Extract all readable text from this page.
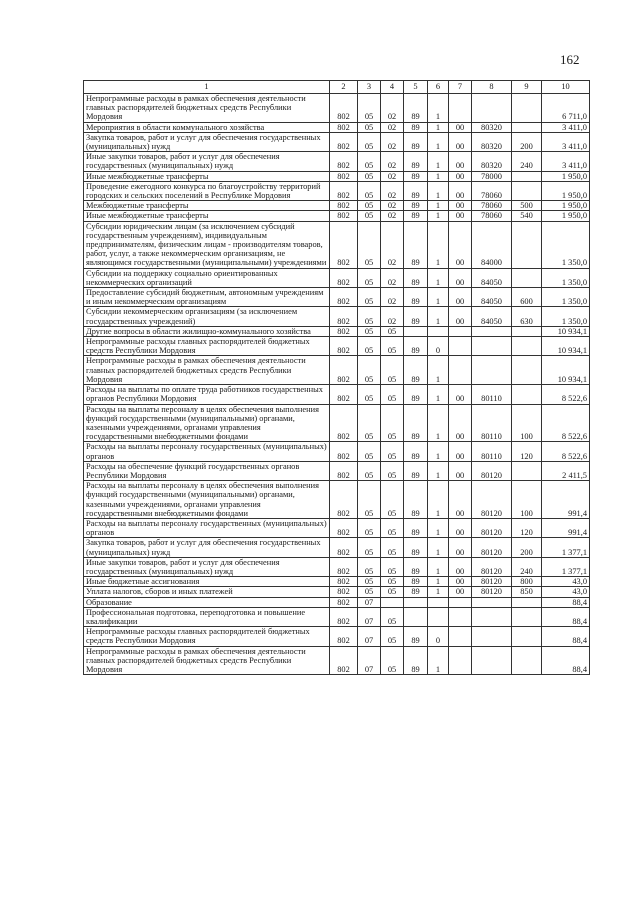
162
1	2	3	4	5	6	7	8	9	10
Непрограммные расходы в рамках обеспечения деятельности главных распорядителей бюджетных средств Республики Мордовия	802	05	02	89	1				6 711,0
Мероприятия в области коммунального хозяйства	802	05	02	89	1	00	80320		3 411,0
Закупка товаров, работ и услуг для обеспечения государственных (муниципальных) нужд	802	05	02	89	1	00	80320	200	3 411,0
Иные закупки товаров, работ и услуг для обеспечения государственных (муниципальных) нужд	802	05	02	89	1	00	80320	240	3 411,0
Иные межбюджетные трансферты	802	05	02	89	1	00	78000		1 950,0
Проведение ежегодного конкурса по благоустройству территорий городских и сельских поселений в Республике Мордовия	802	05	02	89	1	00	78060		1 950,0
Межбюджетные трансферты	802	05	02	89	1	00	78060	500	1 950,0
Иные межбюджетные трансферты	802	05	02	89	1	00	78060	540	1 950,0
Субсидии юридическим лицам (за исключением субсидий государственным учреждениям), индивидуальным предпринимателям, физическим лицам - производителям товаров, работ, услуг, а также некоммерческим организациям, не являющимся государственными (муниципальными) учреждениями	802	05	02	89	1	00	84000		1 350,0
Субсидии на поддержку социально ориентированных некоммерческих организаций	802	05	02	89	1	00	84050		1 350,0
Предоставление субсидий бюджетным, автономным учреждениям и иным некоммерческим организациям	802	05	02	89	1	00	84050	600	1 350,0
Субсидии некоммерческим организациям (за исключением государственных учреждений)	802	05	02	89	1	00	84050	630	1 350,0
Другие вопросы в области жилищно-коммунального хозяйства	802	05	05						10 934,1
Непрограммные расходы главных распорядителей бюджетных средств Республики Мордовия	802	05	05	89	0				10 934,1
Непрограммные расходы в рамках обеспечения деятельности главных распорядителей бюджетных средств Республики Мордовия	802	05	05	89	1				10 934,1
Расходы на выплаты по оплате труда работников государственных органов Республики Мордовия	802	05	05	89	1	00	80110		8 522,6
Расходы на выплаты персоналу в целях обеспечения выполнения функций государственными (муниципальными) органами, казенными учреждениями, органами управления государственными внебюджетными фондами	802	05	05	89	1	00	80110	100	8 522,6
Расходы на выплаты персоналу государственных (муниципальных) органов	802	05	05	89	1	00	80110	120	8 522,6
Расходы на обеспечение функций государственных органов Республики Мордовия	802	05	05	89	1	00	80120		2 411,5
Расходы на выплаты персоналу в целях обеспечения выполнения функций государственными (муниципальными) органами, казенными учреждениями, органами управления государственными внебюджетными фондами	802	05	05	89	1	00	80120	100	991,4
Расходы на выплаты персоналу государственных (муниципальных) органов	802	05	05	89	1	00	80120	120	991,4
Закупка товаров, работ и услуг для обеспечения государственных (муниципальных) нужд	802	05	05	89	1	00	80120	200	1 377,1
Иные закупки товаров, работ и услуг для обеспечения государственных (муниципальных) нужд	802	05	05	89	1	00	80120	240	1 377,1
Иные бюджетные ассигнования	802	05	05	89	1	00	80120	800	43,0
Уплата налогов, сборов и иных платежей	802	05	05	89	1	00	80120	850	43,0
Образование	802	07							88,4
Профессиональная подготовка, переподготовка и повышение квалификации	802	07	05						88,4
Непрограммные расходы главных распорядителей бюджетных средств Республики Мордовия	802	07	05	89	0				88,4
Непрограммные расходы в рамках обеспечения деятельности главных распорядителей бюджетных средств Республики Мордовия	802	07	05	89	1				88,4
